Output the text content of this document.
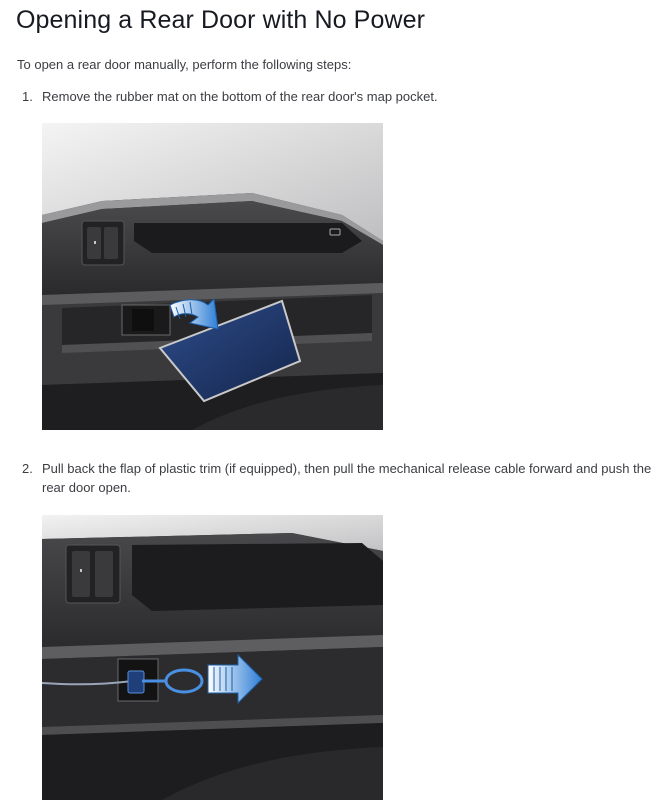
Opening a Rear Door with No Power

To open a rear door manually, perform the following steps:

1. Remove the rubber mat on the bottom of the rear door's map pocket.
2. Pull back the flap of plastic trim (if equipped), then pull the mechanical release cable forward and push the rear door open.
